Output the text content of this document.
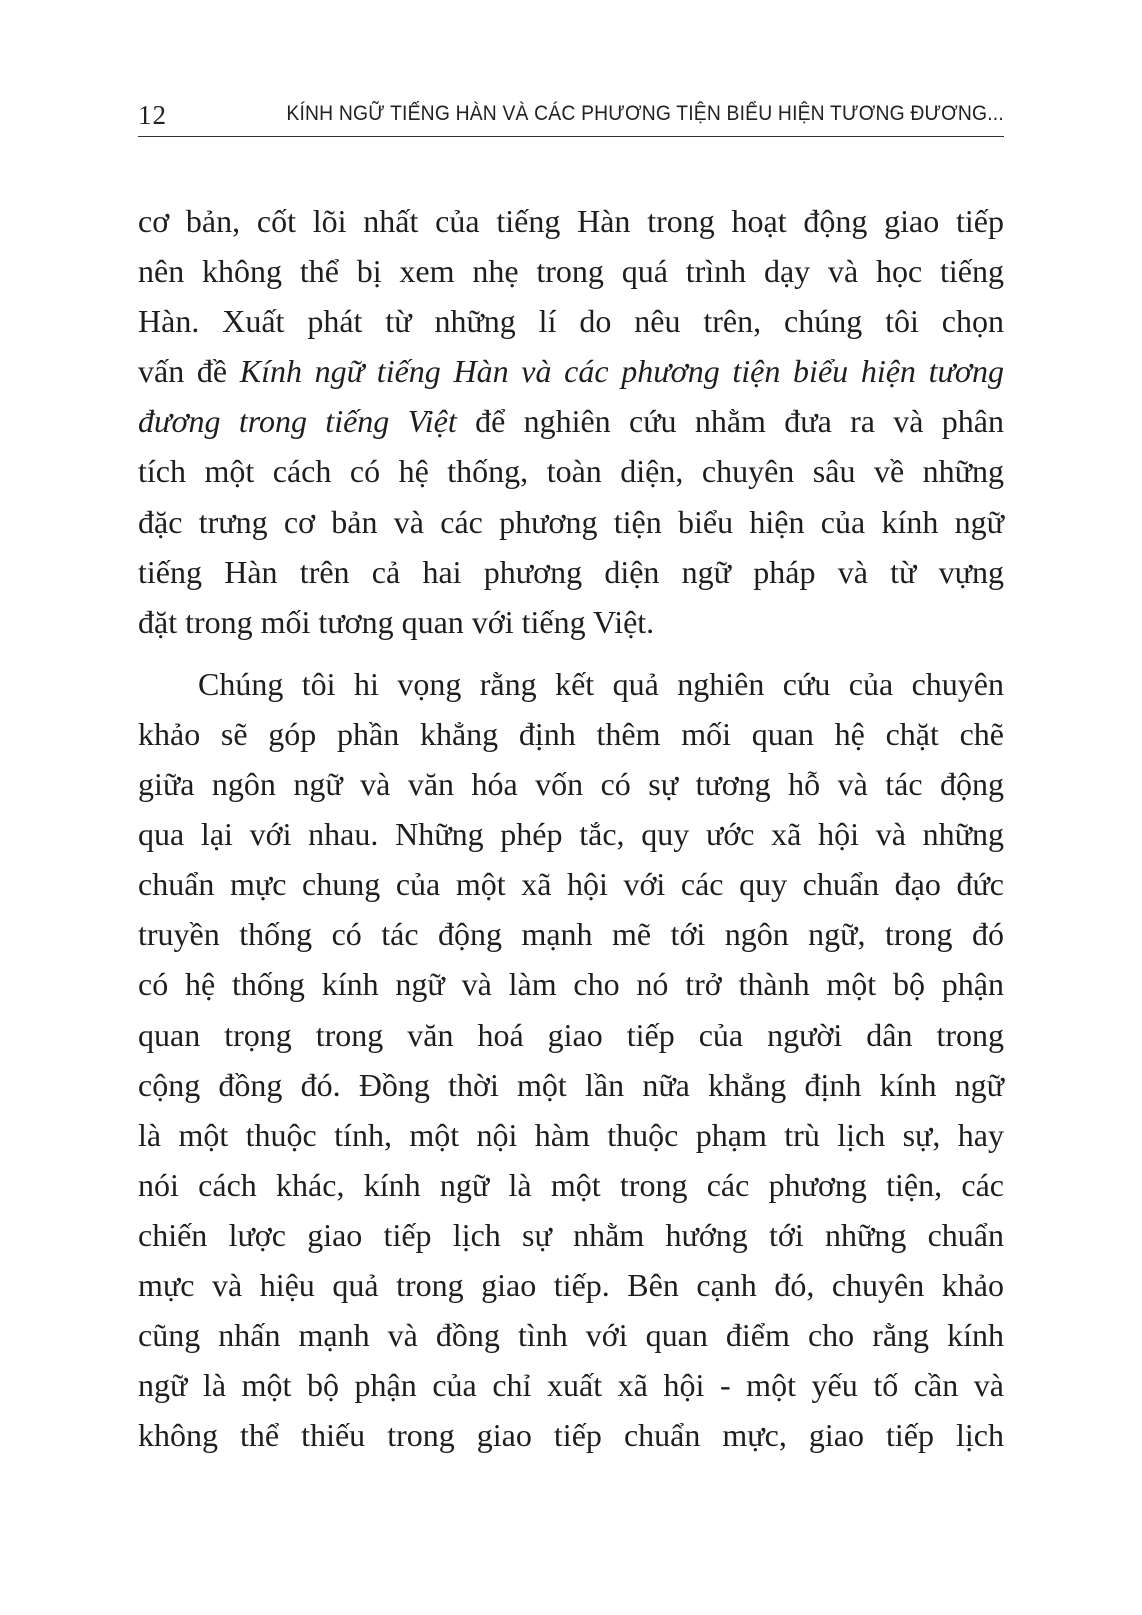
12	KÍNH NGỮ TIẾNG HÀN VÀ CÁC PHƯƠNG TIỆN BIỂU HIỆN TƯƠNG ĐƯƠNG...
cơ bản, cốt lõi nhất của tiếng Hàn trong hoạt động giao tiếp
nên không thể bị xem nhẹ trong quá trình dạy và học tiếng
Hàn. Xuất phát từ những lí do nêu trên, chúng tôi chọn
vấn đề Kính ngữ tiếng Hàn và các phương tiện biểu hiện tương
đương trong tiếng Việt để nghiên cứu nhằm đưa ra và phân
tích một cách có hệ thống, toàn diện, chuyên sâu về những
đặc trưng cơ bản và các phương tiện biểu hiện của kính ngữ
tiếng Hàn trên cả hai phương diện ngữ pháp và từ vựng
đặt trong mối tương quan với tiếng Việt.
Chúng tôi hi vọng rằng kết quả nghiên cứu của chuyên
khảo sẽ góp phần khẳng định thêm mối quan hệ chặt chẽ
giữa ngôn ngữ và văn hóa vốn có sự tương hỗ và tác động
qua lại với nhau. Những phép tắc, quy ước xã hội và những
chuẩn mực chung của một xã hội với các quy chuẩn đạo đức
truyền thống có tác động mạnh mẽ tới ngôn ngữ, trong đó
có hệ thống kính ngữ và làm cho nó trở thành một bộ phận
quan trọng trong văn hoá giao tiếp của người dân trong
cộng đồng đó. Đồng thời một lần nữa khẳng định kính ngữ
là một thuộc tính, một nội hàm thuộc phạm trù lịch sự, hay
nói cách khác, kính ngữ là một trong các phương tiện, các
chiến lược giao tiếp lịch sự nhằm hướng tới những chuẩn
mực và hiệu quả trong giao tiếp. Bên cạnh đó, chuyên khảo
cũng nhấn mạnh và đồng tình với quan điểm cho rằng kính
ngữ là một bộ phận của chỉ xuất xã hội - một yếu tố cần và
không thể thiếu trong giao tiếp chuẩn mực, giao tiếp lịch
